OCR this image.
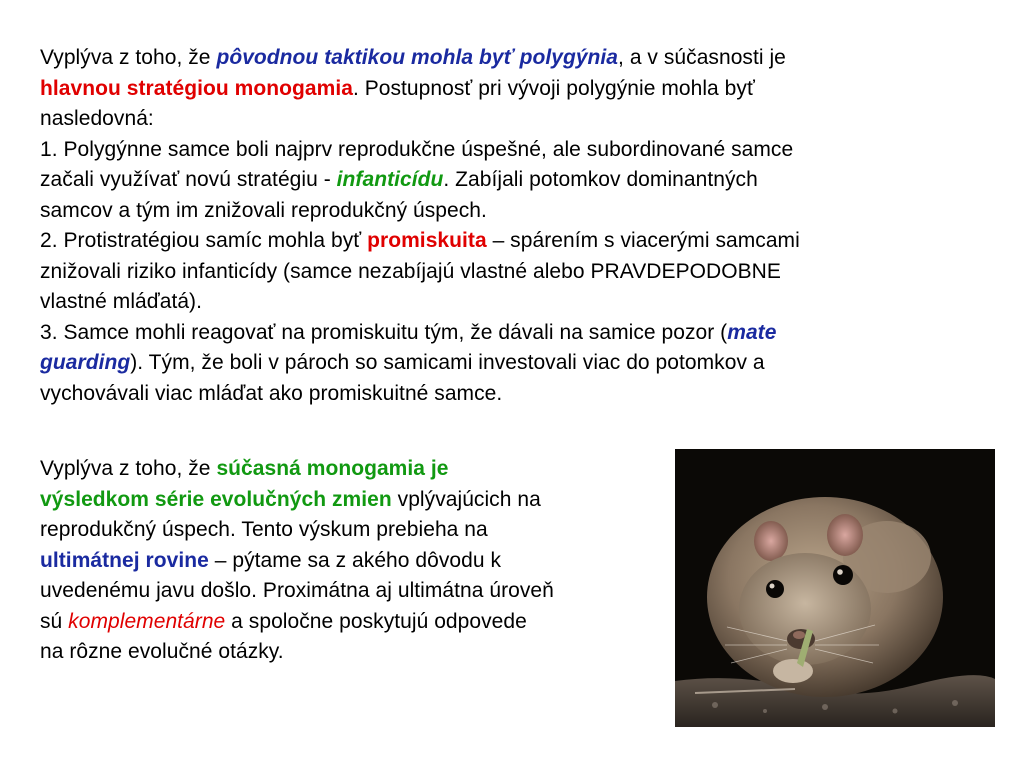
Vyplýva z toho, že pôvodnou taktikou mohla byť polygýnia, a v súčasnosti je
hlavnou stratégiou monogamia. Postupnosť pri vývoji polygýnie mohla byť
nasledovná:
1. Polygýnne samce boli najprv reprodukčne úspešné, ale subordinované samce
začali využívať novú stratégiu - infanticídu. Zabíjali potomkov dominantných
samcov a tým im znižovali reprodukčný úspech.
2. Protistratégiou samíc mohla byť promiskuita – spárením s viacerými samcami
znižovali riziko infanticídy (samce nezabíjajú vlastné alebo PRAVDEPODOBNE
vlastné mláďatá).
3. Samce mohli reagovať na promiskuitu tým, že dávali na samice pozor (mate
guarding). Tým, že boli v pároch so samicami investovali viac do potomkov a
vychovávali viac mláďat ako promiskuitné samce.
Vyplýva z toho, že súčasná monogamia je
výsledkom série evolučných zmien vplývajúcich na
reprodukčný úspech. Tento výskum prebieha na
ultimátnej rovine – pýtame sa z akého dôvodu k
uvedenému javu došlo. Proximátna aj ultimátna úroveň
sú komplementárne a spoločne poskytujú odpovede
na rôzne evolučné otázky.
